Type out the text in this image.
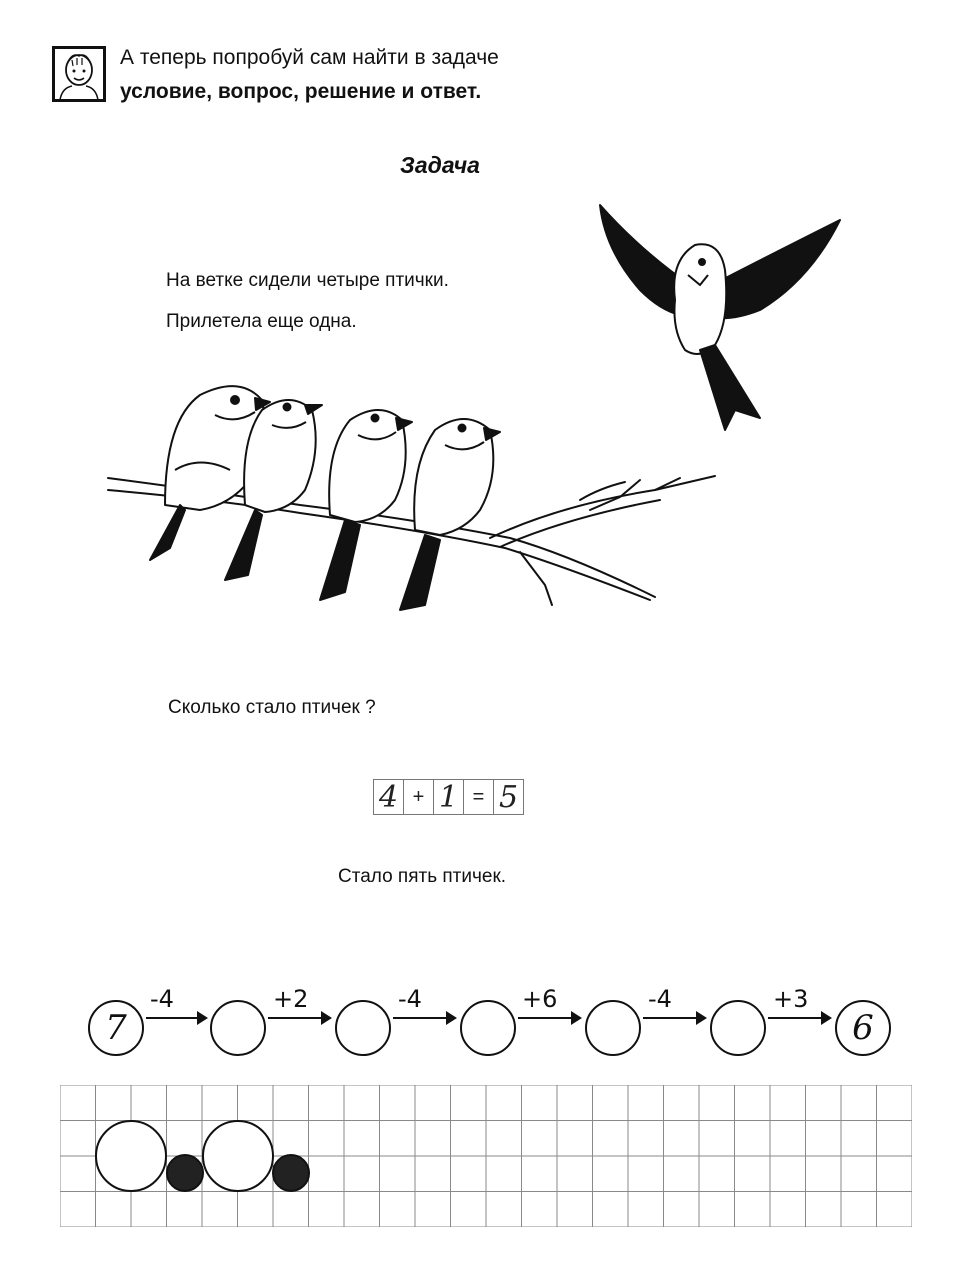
А теперь попробуй сам найти в задаче
условие, вопрос, решение и ответ.
Задача
На ветке сидели четыре птички.
Прилетела еще одна.
Сколько стало птичек ?
4 + 1 = 5
Стало пять птичек.
7
-4	+2	-4	+6	-4	+3
6
